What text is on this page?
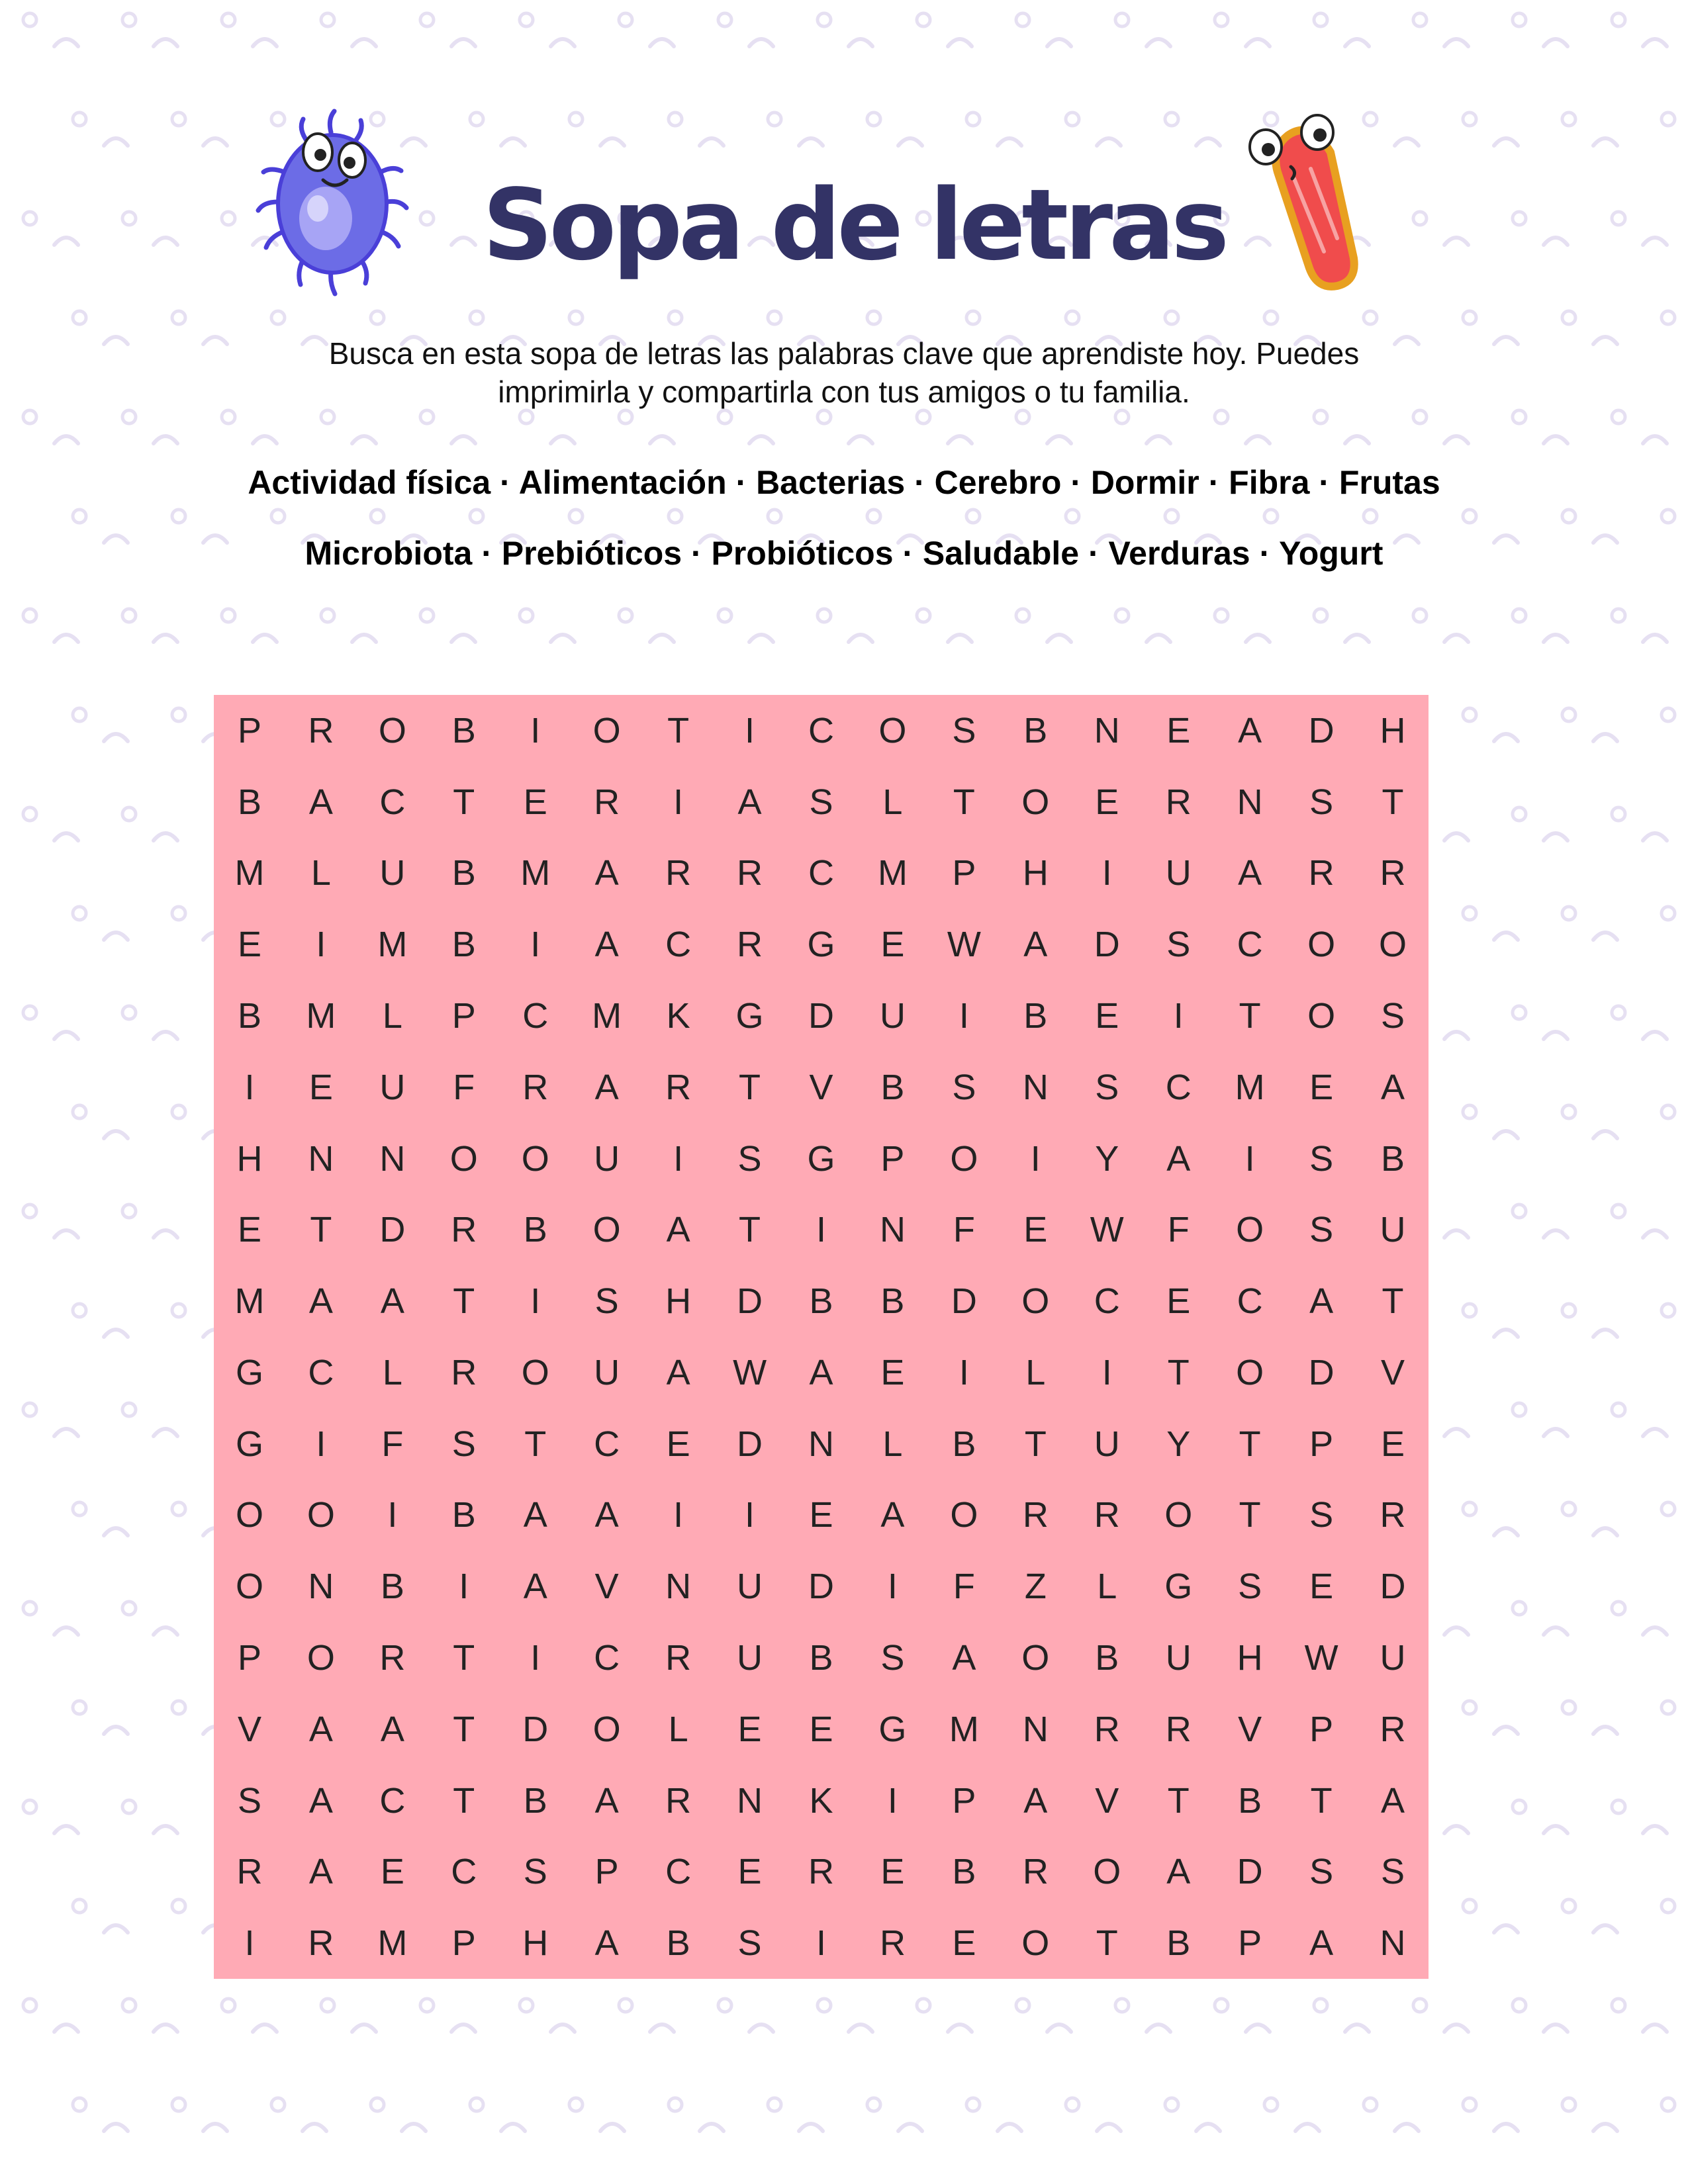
Sopa de letras
Busca en esta sopa de letras las palabras clave que aprendiste hoy. Puedes
imprimirla y compartirla con tus amigos o tu familia.
Actividad física · Alimentación · Bacterias · Cerebro · Dormir · Fibra · Frutas
Microbiota · Prebióticos · Probióticos · Saludable · Verduras · Yogurt
P	R	O	B	I	O	T	I	C	O	S	B	N	E	A	D	H
B	A	C	T	E	R	I	A	S	L	T	O	E	R	N	S	T
M	L	U	B	M	A	R	R	C	M	P	H	I	U	A	R	R
E	I	M	B	I	A	C	R	G	E	W	A	D	S	C	O	O
B	M	L	P	C	M	K	G	D	U	I	B	E	I	T	O	S
I	E	U	F	R	A	R	T	V	B	S	N	S	C	M	E	A
H	N	N	O	O	U	I	S	G	P	O	I	Y	A	I	S	B
E	T	D	R	B	O	A	T	I	N	F	E	W	F	O	S	U
M	A	A	T	I	S	H	D	B	B	D	O	C	E	C	A	T
G	C	L	R	O	U	A	W	A	E	I	L	I	T	O	D	V
G	I	F	S	T	C	E	D	N	L	B	T	U	Y	T	P	E
O	O	I	B	A	A	I	I	E	A	O	R	R	O	T	S	R
O	N	B	I	A	V	N	U	D	I	F	Z	L	G	S	E	D
P	O	R	T	I	C	R	U	B	S	A	O	B	U	H	W	U
V	A	A	T	D	O	L	E	E	G	M	N	R	R	V	P	R
S	A	C	T	B	A	R	N	K	I	P	A	V	T	B	T	A
R	A	E	C	S	P	C	E	R	E	B	R	O	A	D	S	S
I	R	M	P	H	A	B	S	I	R	E	O	T	B	P	A	N
